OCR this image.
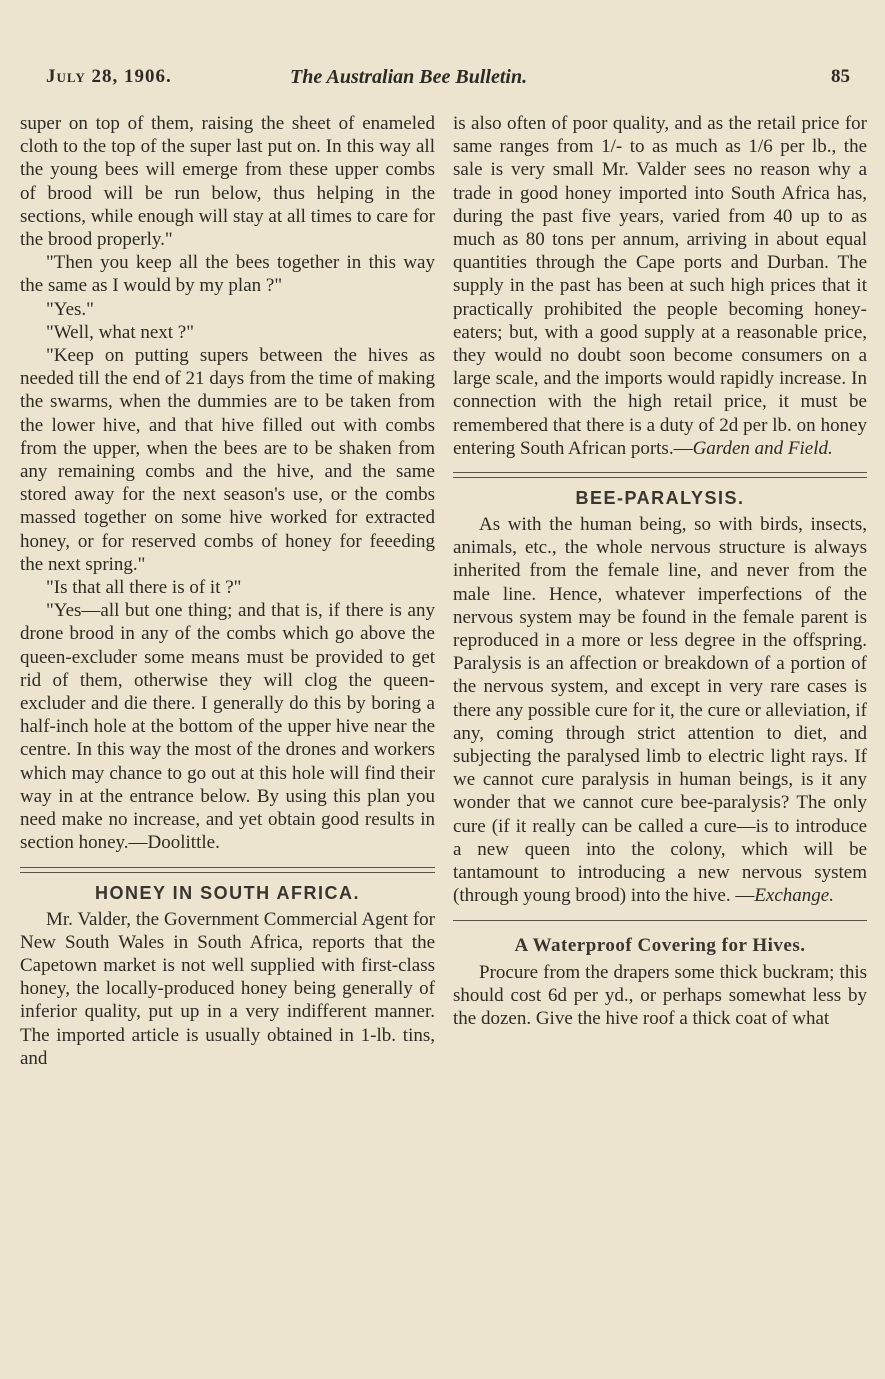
July 28, 1906.	The Australian Bee Bulletin.	85

super on top of them, raising the sheet of enameled cloth to the top of the super last put on. In this way all the young bees will emerge from these upper combs of brood will be run below, thus helping in the sections, while enough will stay at all times to care for the brood properly."

"Then you keep all the bees together in this way the same as I would by my plan ?"

"Yes."

"Well, what next ?"

"Keep on putting supers between the hives as needed till the end of 21 days from the time of making the swarms, when the dummies are to be taken from the lower hive, and that hive filled out with combs from the upper, when the bees are to be shaken from any remaining combs and the hive, and the same stored away for the next season's use, or the combs massed together on some hive worked for extracted honey, or for reserved combs of honey for feeeding the next spring."

"Is that all there is of it ?"

"Yes—all but one thing; and that is, if there is any drone brood in any of the combs which go above the queen-excluder some means must be provided to get rid of them, otherwise they will clog the queen-excluder and die there. I generally do this by boring a half-inch hole at the bottom of the upper hive near the centre. In this way the most of the drones and workers which may chance to go out at this hole will find their way in at the entrance below. By using this plan you need make no increase, and yet obtain good results in section honey.—Doolittle.

HONEY IN SOUTH AFRICA.

Mr. Valder, the Government Commercial Agent for New South Wales in South Africa, reports that the Capetown market is not well supplied with first-class honey, the locally-produced honey being generally of inferior quality, put up in a very indifferent manner. The imported article is usually obtained in 1-lb. tins, and

is also often of poor quality, and as the retail price for same ranges from 1/- to as much as 1/6 per lb., the sale is very small Mr. Valder sees no reason why a trade in good honey imported into South Africa has, during the past five years, varied from 40 up to as much as 80 tons per annum, arriving in about equal quantities through the Cape ports and Durban. The supply in the past has been at such high prices that it practically prohibited the people becoming honey-eaters; but, with a good supply at a reasonable price, they would no doubt soon become consumers on a large scale, and the imports would rapidly increase. In connection with the high retail price, it must be remembered that there is a duty of 2d per lb. on honey entering South African ports.—Garden and Field.

BEE-PARALYSIS.

As with the human being, so with birds, insects, animals, etc., the whole nervous structure is always inherited from the female line, and never from the male line. Hence, whatever imperfections of the nervous system may be found in the female parent is reproduced in a more or less degree in the offspring. Paralysis is an affection or breakdown of a portion of the nervous system, and except in very rare cases is there any possible cure for it, the cure or alleviation, if any, coming through strict attention to diet, and subjecting the paralysed limb to electric light rays. If we cannot cure paralysis in human beings, is it any wonder that we cannot cure bee-paralysis? The only cure (if it really can be called a cure—is to introduce a new queen into the colony, which will be tantamount to introducing a new nervous system (through young brood) into the hive. —Exchange.

A Waterproof Covering for Hives.

Procure from the drapers some thick buckram; this should cost 6d per yd., or perhaps somewhat less by the dozen. Give the hive roof a thick coat of what
